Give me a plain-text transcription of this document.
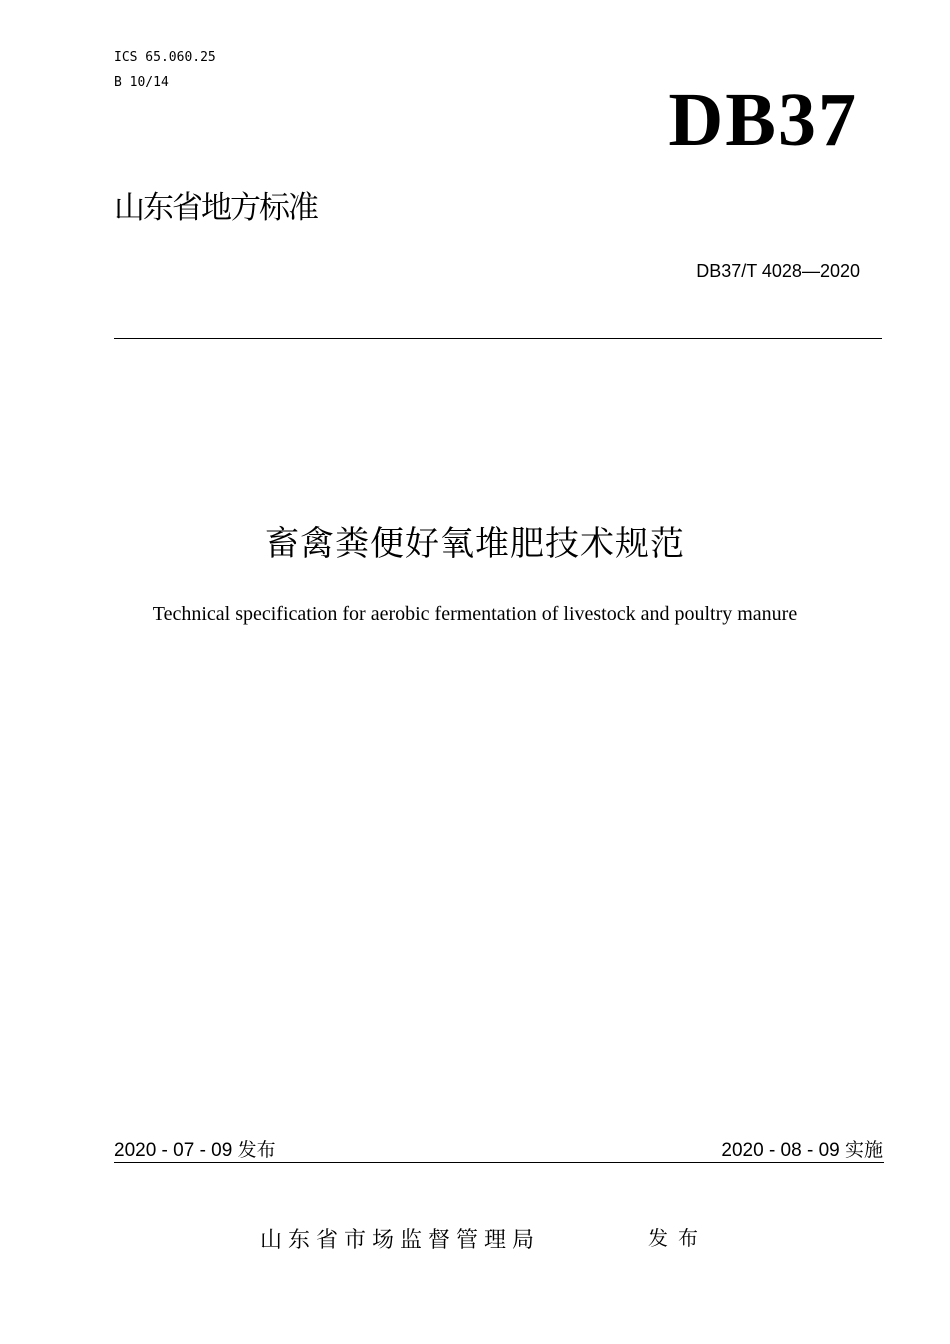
ICS 65.060.25
B 10/14	DB37
山东省地方标准
DB37/T 4028—2020
畜禽粪便好氧堆肥技术规范
Technical specification for aerobic fermentation of livestock and poultry manure
2020 - 07 - 09 发布	2020 - 08 - 09 实施
山东省市场监督管理局	发布
